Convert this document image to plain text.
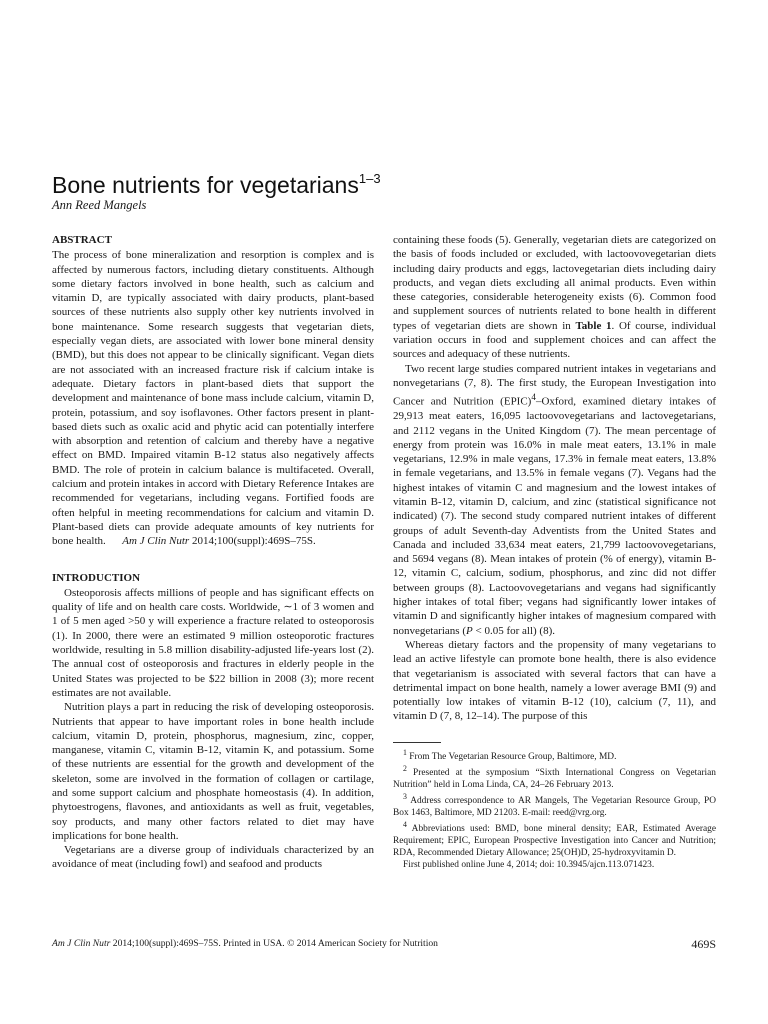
Bone nutrients for vegetarians$^{1-3}$
Ann Reed Mangels
ABSTRACT

The process of bone mineralization and resorption is complex and is affected by numerous factors, including dietary constituents. Although some dietary factors involved in bone health, such as calcium and vitamin D, are typically associated with dairy products, plant-based sources of these nutrients also supply other key nutrients involved in bone maintenance. Some research suggests that vegetarian diets, especially vegan diets, are associated with lower bone mineral density (BMD), but this does not appear to be clinically significant. Vegan diets are not associated with an increased fracture risk if calcium intake is adequate. Dietary factors in plant-based diets that support the development and maintenance of bone mass include calcium, vitamin D, protein, potassium, and soy isoflavones. Other factors present in plant-based diets such as oxalic acid and phytic acid can potentially interfere with absorption and retention of calcium and thereby have a negative effect on BMD. Impaired vitamin B-12 status also negatively affects BMD. The role of protein in calcium balance is multifaceted. Overall, calcium and protein intakes in accord with Dietary Reference Intakes are recommended for vegetarians, including vegans. Fortified foods are often helpful in meeting recommendations for calcium and vitamin D. Plant-based diets can provide adequate amounts of key nutrients for bone health. Am J Clin Nutr 2014;100(suppl):469S–75S.

INTRODUCTION

Osteoporosis affects millions of people and has significant effects on quality of life and on health care costs. Worldwide, ∼1 of 3 women and 1 of 5 men aged >50 y will experience a fracture related to osteoporosis (1). In 2000, there were an estimated 9 million osteoporotic fractures worldwide, resulting in 5.8 million disability-adjusted life-years lost (2). The annual cost of osteoporosis and fractures in elderly people in the United States was projected to be $22 billion in 2008 (3); more recent estimates are not available.

Nutrition plays a part in reducing the risk of developing osteoporosis. Nutrients that appear to have important roles in bone health include calcium, vitamin D, protein, phosphorus, magnesium, zinc, copper, manganese, vitamin C, vitamin B-12, vitamin K, and potassium. Some of these nutrients are essential for the growth and development of the skeleton, some are involved in the formation of collagen or cartilage, and some support calcium and phosphate homeostasis (4). In addition, phytoestrogens, flavones, and antioxidants as well as fruit, vegetables, soy products, and many other factors related to diet may have implications for bone health.

Vegetarians are a diverse group of individuals characterized by an avoidance of meat (including fowl) and seafood and products

containing these foods (5). Generally, vegetarian diets are categorized on the basis of foods included or excluded, with lactoovovegetarian diets including dairy products and eggs, lactovegetarian diets including dairy products, and vegan diets excluding all animal products. Even within these categories, considerable heterogeneity exists (6). Common food and supplement sources of nutrients related to bone health in different types of vegetarian diets are shown in Table 1. Of course, individual variation occurs in food and supplement choices and can affect the sources and adequacy of these nutrients.

Two recent large studies compared nutrient intakes in vegetarians and nonvegetarians (7, 8). The first study, the European Investigation into Cancer and Nutrition (EPIC)$^4$–Oxford, examined dietary intakes of 29,913 meat eaters, 16,095 lactoovovegetarians and lactovegetarians, and 2112 vegans in the United Kingdom (7). The mean percentage of energy from protein was 16.0% in male meat eaters, 13.1% in male vegetarians, 12.9% in male vegans, 17.3% in female meat eaters, 13.8% in female vegetarians, and 13.5% in female vegans (7). Vegans had the highest intakes of vitamin C and magnesium and the lowest intakes of vitamin B-12, vitamin D, calcium, and zinc (statistical significance not indicated) (7). The second study compared nutrient intakes of different groups of adult Seventh-day Adventists from the United States and Canada and included 33,634 meat eaters, 21,799 lactoovovegetarians, and 5694 vegans (8). Mean intakes of protein (% of energy), vitamin B-12, vitamin C, calcium, sodium, phosphorus, and zinc did not differ between groups (8). Lactoovovegetarians and vegans had significantly higher intakes of total fiber; vegans had significantly lower intakes of vitamin D and significantly higher intakes of magnesium compared with nonvegetarians (P < 0.05 for all) (8).

Whereas dietary factors and the propensity of many vegetarians to lead an active lifestyle can promote bone health, there is also evidence that vegetarianism is associated with several factors that can have a detrimental impact on bone health, namely a lower average BMI (9) and potentially low intakes of vitamin B-12 (10), calcium (7, 11), and vitamin D (7, 8, 12–14). The purpose of this

$^1$ From The Vegetarian Resource Group, Baltimore, MD.

$^2$ Presented at the symposium “Sixth International Congress on Vegetarian Nutrition” held in Loma Linda, CA, 24–26 February 2013.

$^3$ Address correspondence to AR Mangels, The Vegetarian Resource Group, PO Box 1463, Baltimore, MD 21203. E-mail: reed@vrg.org.

$^4$ Abbreviations used: BMD, bone mineral density; EAR, Estimated Average Requirement; EPIC, European Prospective Investigation into Cancer and Nutrition; RDA, Recommended Dietary Allowance; 25(OH)D, 25-hydroxyvitamin D.

First published online June 4, 2014; doi: 10.3945/ajcn.113.071423.

Am J Clin Nutr 2014;100(suppl):469S–75S. Printed in USA. © 2014 American Society for Nutrition	469S
